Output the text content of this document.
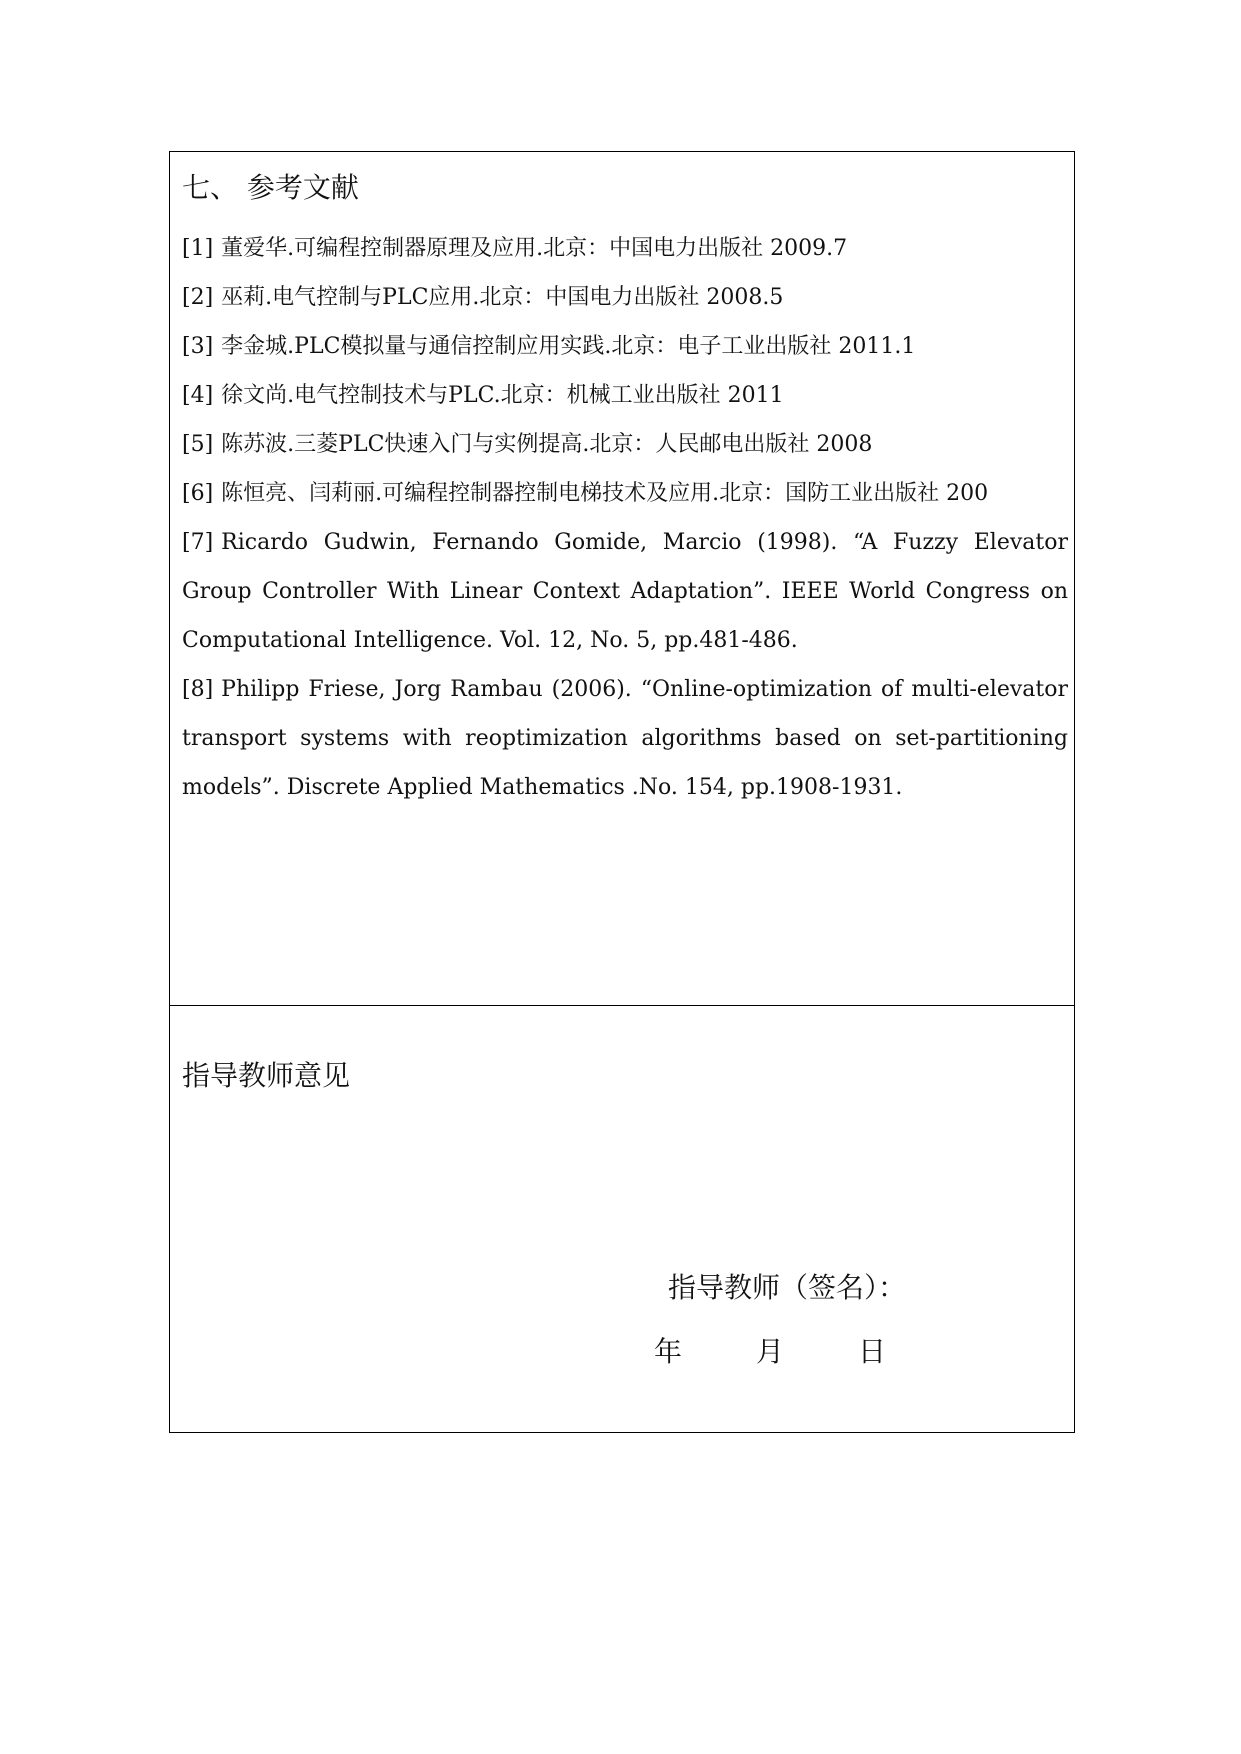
七、 参考文献

[1] 董爱华.可编程控制器原理及应用.北京：中国电力出版社 2009.7

[2] 巫莉.电气控制与PLC应用.北京：中国电力出版社 2008.5

[3] 李金城.PLC模拟量与通信控制应用实践.北京：电子工业出版社 2011.1

[4] 徐文尚.电气控制技术与PLC.北京：机械工业出版社 2011

[5] 陈苏波.三菱PLC快速入门与实例提高.北京：人民邮电出版社 2008

[6] 陈恒亮、闫莉丽.可编程控制器控制电梯技术及应用.北京：国防工业出版社 200

[7] Ricardo Gudwin, Fernando Gomide, Marcio (1998). “A Fuzzy Elevator Group Controller With Linear Context Adaptation”. IEEE World Congress on Computational Intelligence. Vol. 12, No. 5, pp.481-486.

[8] Philipp Friese, Jorg Rambau (2006). “Online-optimization of multi-elevator transport systems with reoptimization algorithms based on set-partitioning models”. Discrete Applied Mathematics .No. 154, pp.1908-1931.

指导教师意见
指导教师（签名）：
年	月	日
